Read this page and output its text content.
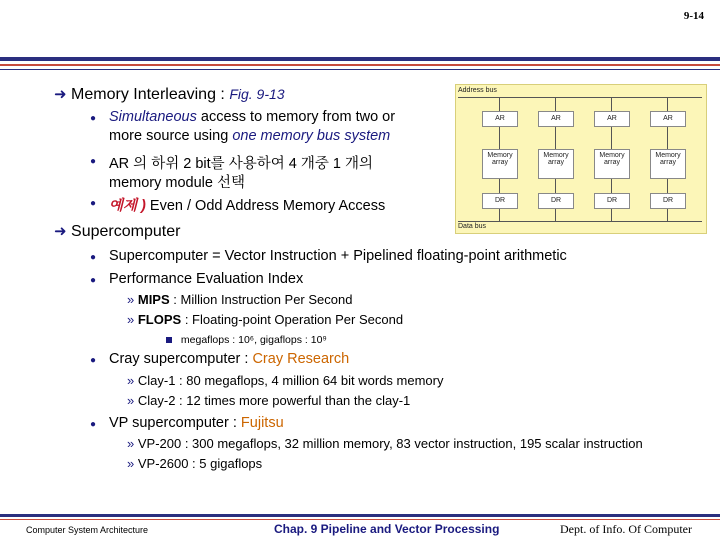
9-14
➜ Memory Interleaving : Fig. 9-13
● Simultaneous access to memory from two or
more source using one memory bus system
● AR 의 하위 2 bit를 사용하여 4 개중 1 개의
memory module 선택
● 예제 ) Even / Odd Address Memory Access
Address bus
Data bus
AR
Memory array
DR
AR
Memory array
DR
AR
Memory array
DR
AR
Memory array
DR
➜ Supercomputer
● Supercomputer = Vector Instruction + Pipelined floating-point arithmetic
● Performance Evaluation Index
» MIPS : Million Instruction Per Second
» FLOPS : Floating-point Operation Per Second
megaflops : 10⁶, gigaflops : 10⁹
● Cray supercomputer : Cray Research
» Clay-1 : 80 megaflops, 4 million 64 bit words memory
» Clay-2 : 12 times more powerful than the clay-1
● VP supercomputer : Fujitsu
» VP-200 : 300 megaflops, 32 million memory, 83 vector instruction, 195 scalar instruction
» VP-2600 : 5 gigaflops
Computer System Architecture	Chap. 9 Pipeline and Vector Processing	Dept. of Info. Of Computer
